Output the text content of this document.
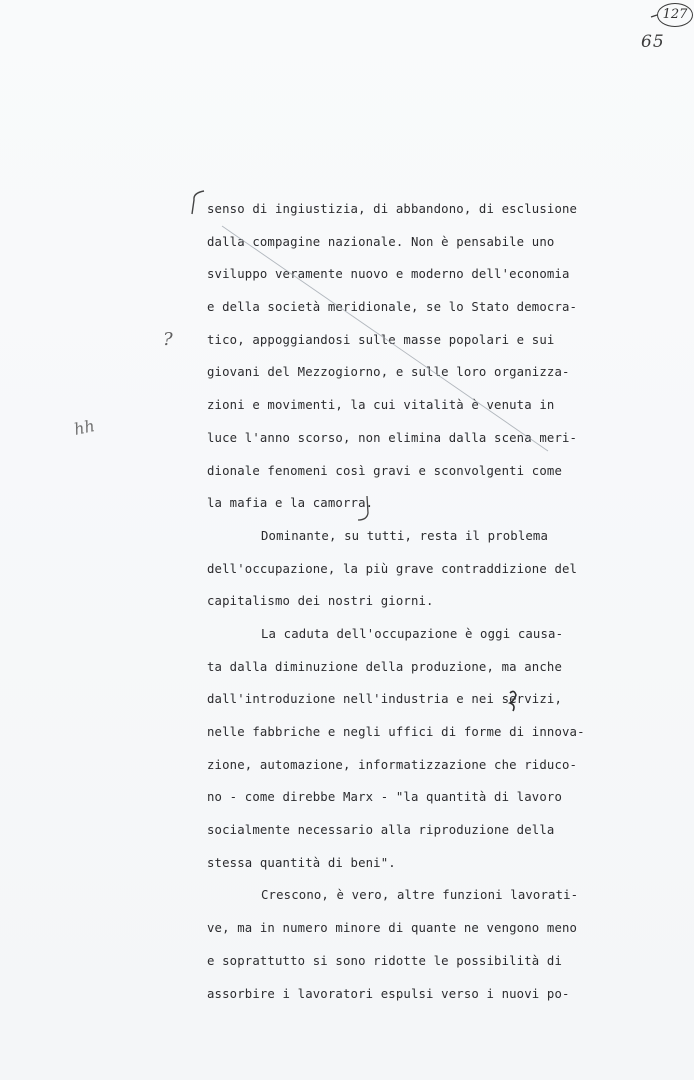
127
65
hh
?
senso di ingiustizia, di abbandono, di esclusione
dalla compagine nazionale. Non è pensabile uno
sviluppo veramente nuovo e moderno dell'economia
e della società meridionale, se lo Stato democra-
tico, appoggiandosi sulle masse popolari e sui
giovani del Mezzogiorno, e sulle loro organizza-
zioni e movimenti, la cui vitalità è venuta in
luce l'anno scorso, non elimina dalla scena meri-
dionale fenomeni così gravi e sconvolgenti come
la mafia e la camorra.
Dominante, su tutti, resta il problema
dell'occupazione, la più grave contraddizione del
capitalismo dei nostri giorni.
La caduta dell'occupazione è oggi causa-
ta dalla diminuzione della produzione, ma anche
dall'introduzione nell'industria e nei servizi,
nelle fabbriche e negli uffici di forme di innova-
zione, automazione, informatizzazione che riduco-
no - come direbbe Marx - "la quantità di lavoro
socialmente necessario alla riproduzione della
stessa quantità di beni".
Crescono, è vero, altre funzioni lavorati-
ve, ma in numero minore di quante ne vengono meno
e soprattutto si sono ridotte le possibilità di
assorbire i lavoratori espulsi verso i nuovi po-
